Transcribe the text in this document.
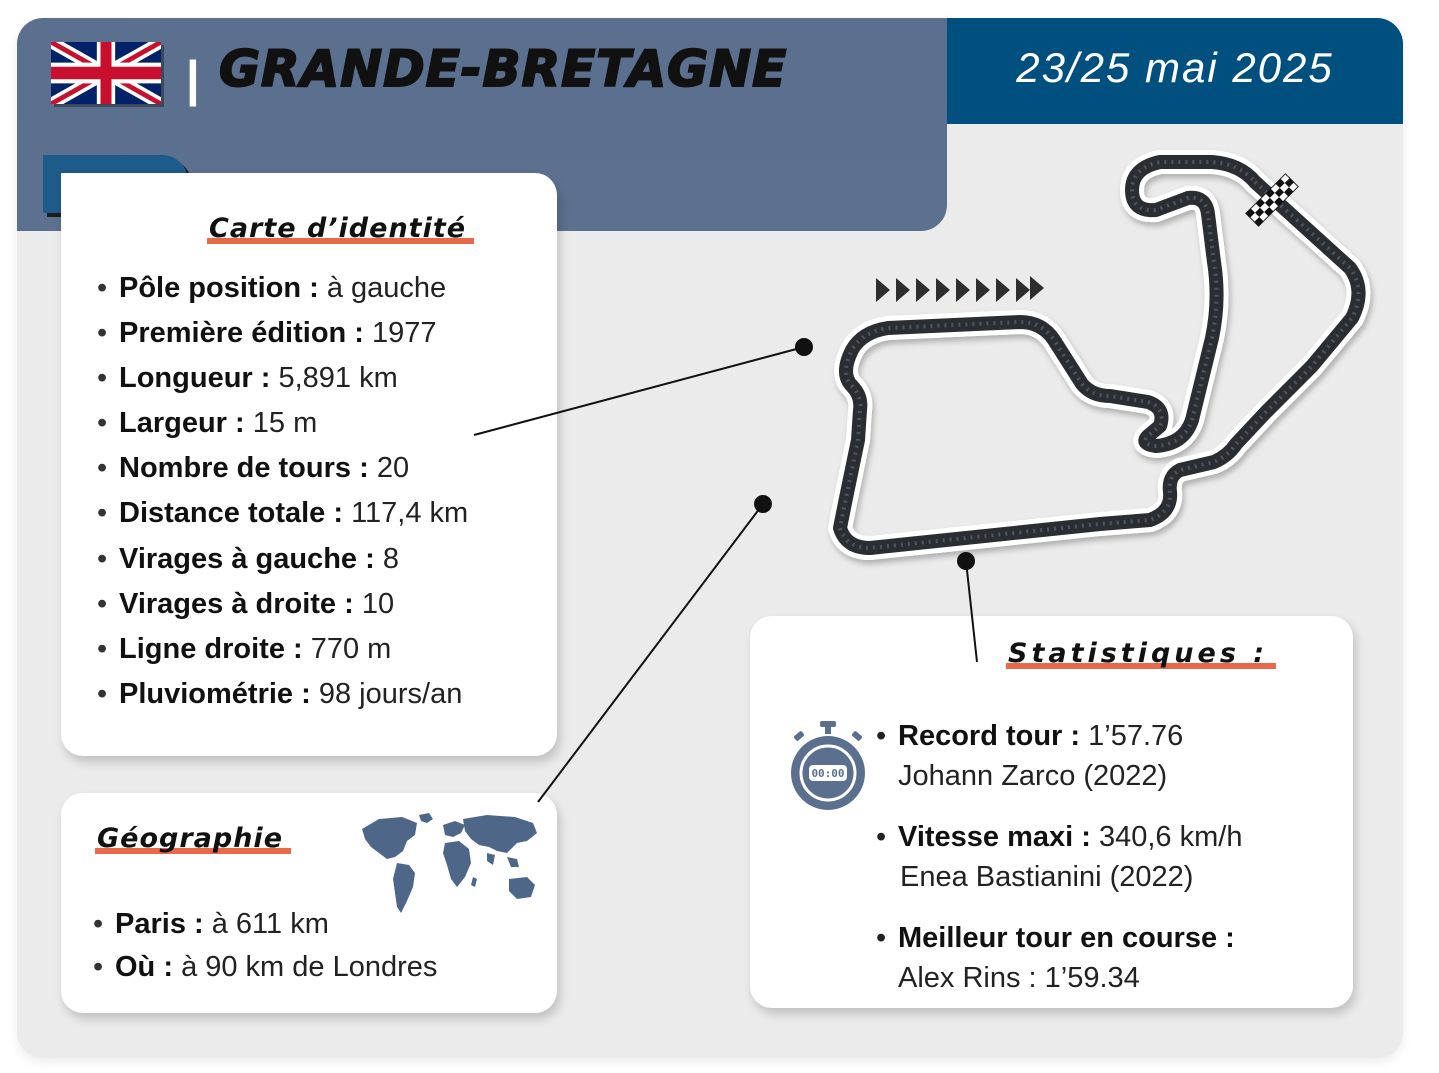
23/25 mai 2025
| GRANDE-BRETAGNE
Carte d’identité
• Pôle position : à gauche
• Première édition : 1977
• Longueur : 5,891 km
• Largeur : 15 m
• Nombre de tours : 20
• Distance totale : 117,4 km
• Virages à gauche : 8
• Virages à droite : 10
• Ligne droite : 770 m
• Pluviométrie : 98 jours/an
Géographie
• Paris : à 611 km
• Où : à 90 km de Londres
Statistiques :
00:00
• Record tour : 1’57.76
Johann Zarco (2022)
• Vitesse maxi : 340,6 km/h
Enea Bastianini (2022)
• Meilleur tour en course :
Alex Rins : 1’59.34
